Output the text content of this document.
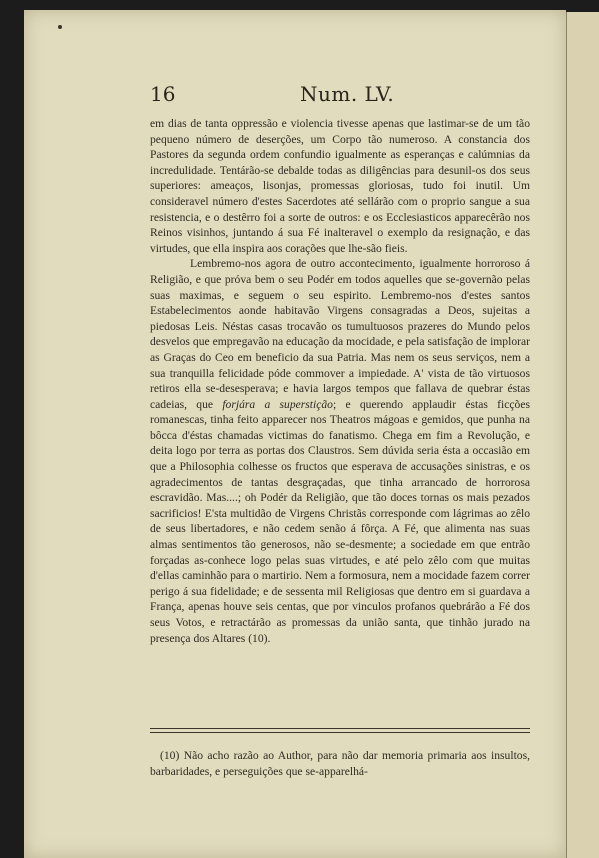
16	Num. LV.

em dias de tanta oppressão e violencia tivesse apenas que lastimar-se de um tão pequeno número de deserções, um Corpo tão numeroso. A constancia dos Pastores da segunda ordem confundio igualmente as esperanças e calúmnias da incredulidade. Tentárão-se debalde todas as diligências para desunil-os dos seus superiores: ameaços, lisonjas, promessas gloriosas, tudo foi inutil. Um consideravel número d'estes Sacerdotes até sellárão com o proprio sangue a sua resistencia, e o destêrro foi a sorte de outros: e os Ecclesiasticos apparecêrão nos Reinos visinhos, juntando á sua Fé inalteravel o exemplo da resignação, e das virtudes, que ella inspira aos corações que lhe-são fieis.

Lembremo-nos agora de outro accontecimento, igualmente horroroso á Religião, e que próva bem o seu Podér em todos aquelles que se-governão pelas suas maximas, e seguem o seu espirito. Lembremo-nos d'estes santos Estabelecimentos aonde habitavão Virgens consagradas a Deos, sujeitas a piedosas Leis. Néstas casas trocavão os tumultuosos prazeres do Mundo pelos desvelos que empregavão na educação da mocidade, e pela satisfação de implorar as Graças do Ceo em beneficio da sua Patria. Mas nem os seus serviços, nem a sua tranquilla felicidade póde commover a impiedade. A' vista de tão virtuosos retiros ella se-desesperava; e havia largos tempos que fallava de quebrar éstas cadeias, que forjára a superstição; e querendo applaudir éstas ficções romanescas, tinha feito apparecer nos Theatros mágoas e gemidos, que punha na bôcca d'éstas chamadas victimas do fanatismo. Chega em fim a Revolução, e deita logo por terra as portas dos Claustros. Sem dúvida seria ésta a occasião em que a Philosophia colhesse os fructos que esperava de accusações sinistras, e os agradecimentos de tantas desgraçadas, que tinha arrancado de horrorosa escravidão. Mas....; oh Podér da Religião, que tão doces tornas os mais pezados sacrificios! E'sta multidão de Virgens Christãs corresponde com lágrimas ao zêlo de seus libertadores, e não cedem senão á fôrça. A Fé, que alimenta nas suas almas sentimentos tão generosos, não se-desmente; a sociedade em que entrão forçadas as-conhece logo pelas suas virtudes, e até pelo zêlo com que muitas d'ellas caminhão para o martirio. Nem a formosura, nem a mocidade fazem correr perigo á sua fidelidade; e de sessenta mil Religiosas que dentro em si guardava a França, apenas houve seis centas, que por vinculos profanos quebrárão a Fé dos seus Votos, e retractárão as promessas da união santa, que tinhão jurado na presença dos Altares (10).

(10) Não acho razão ao Author, para não dar memoria primaria aos insultos, barbaridades, e perseguições que se-apparelhá-
